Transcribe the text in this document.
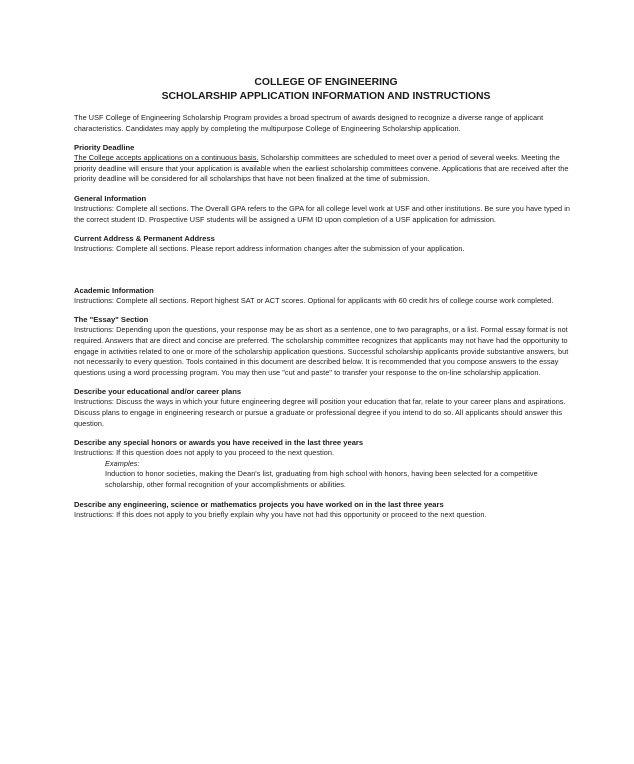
COLLEGE OF ENGINEERING

SCHOLARSHIP APPLICATION INFORMATION AND INSTRUCTIONS

The USF College of Engineering Scholarship Program provides a broad spectrum of awards designed to recognize a diverse range of applicant characteristics. Candidates may apply by completing the multipurpose College of Engineering Scholarship application.

Priority Deadline

The College accepts applications on a continuous basis. Scholarship committees are scheduled to meet over a period of several weeks. Meeting the priority deadline will ensure that your application is available when the earliest scholarship committees convene. Applications that are received after the priority deadline will be considered for all scholarships that have not been finalized at the time of submission.

General Information

Instructions: Complete all sections. The Overall GPA refers to the GPA for all college level work at USF and other institutions. Be sure you have typed in the correct student ID. Prospective USF students will be assigned a UFM ID upon completion of a USF application for admission.

Current Address & Permanent Address

Instructions: Complete all sections. Please report address information changes after the submission of your application.

Academic Information

Instructions: Complete all sections. Report highest SAT or ACT scores. Optional for applicants with 60 credit hrs of college course work completed.

The "Essay" Section

Instructions: Depending upon the questions, your response may be as short as a sentence, one to two paragraphs, or a list. Formal essay format is not required. Answers that are direct and concise are preferred. The scholarship committee recognizes that applicants may not have had the opportunity to engage in activities related to one or more of the scholarship application questions. Successful scholarship applicants provide substantive answers, but not necessarily to every question. Tools contained in this document are described below. It is recommended that you compose answers to the essay questions using a word processing program. You may then use "cut and paste" to transfer your response to the on-line scholarship application.

Describe your educational and/or career plans

Instructions: Discuss the ways in which your future engineering degree will position your education that far, relate to your career plans and aspirations. Discuss plans to engage in engineering research or pursue a graduate or professional degree if you intend to do so. All applicants should answer this question.

Describe any special honors or awards you have received in the last three years

Instructions: If this question does not apply to you proceed to the next question.

Examples:

Induction to honor societies, making the Dean's list, graduating from high school with honors, having been selected for a competitive scholarship, other formal recognition of your accomplishments or abilities.

Describe any engineering, science or mathematics projects you have worked on in the last three years

Instructions: If this does not apply to you briefly explain why you have not had this opportunity or proceed to the next question.
